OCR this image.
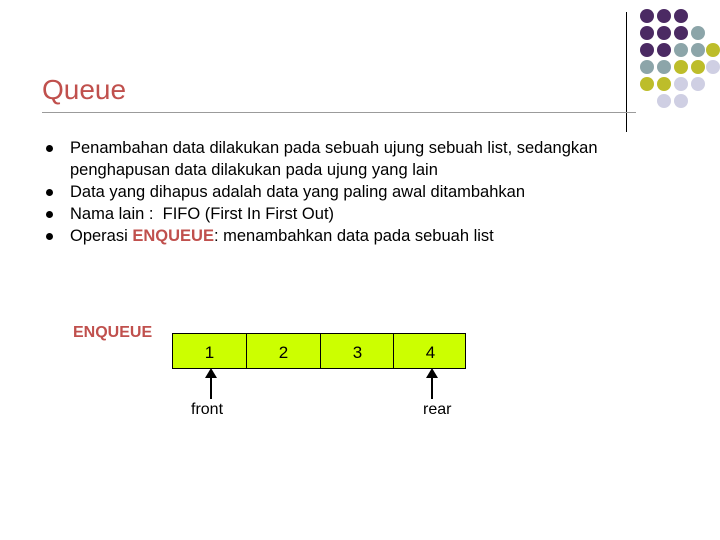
Queue
Penambahan data dilakukan pada sebuah ujung sebuah list, sedangkan penghapusan data dilakukan pada ujung yang lain
Data yang dihapus adalah data yang paling awal ditambahkan
Nama lain :  FIFO (First In First Out)
Operasi ENQUEUE: menambahkan data pada sebuah list
ENQUEUE
1	2	3	4
front	rear
